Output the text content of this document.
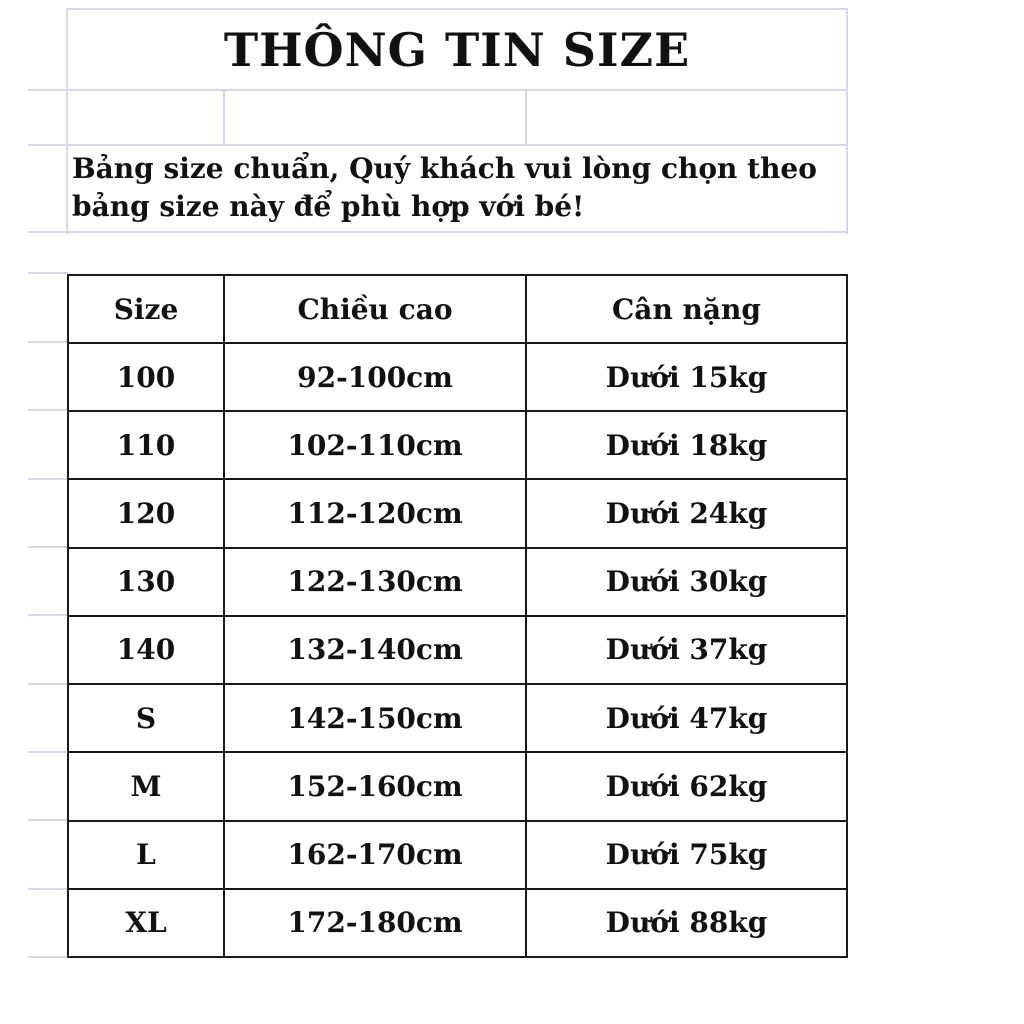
THÔNG TIN SIZE
Bảng size chuẩn, Quý khách vui lòng chọn theo bảng size này để phù hợp với bé!
Size	Chiều cao	Cân nặng
100	92-100cm	Dưới 15kg
110	102-110cm	Dưới 18kg
120	112-120cm	Dưới 24kg
130	122-130cm	Dưới 30kg
140	132-140cm	Dưới 37kg
S	142-150cm	Dưới 47kg
M	152-160cm	Dưới 62kg
L	162-170cm	Dưới 75kg
XL	172-180cm	Dưới 88kg
